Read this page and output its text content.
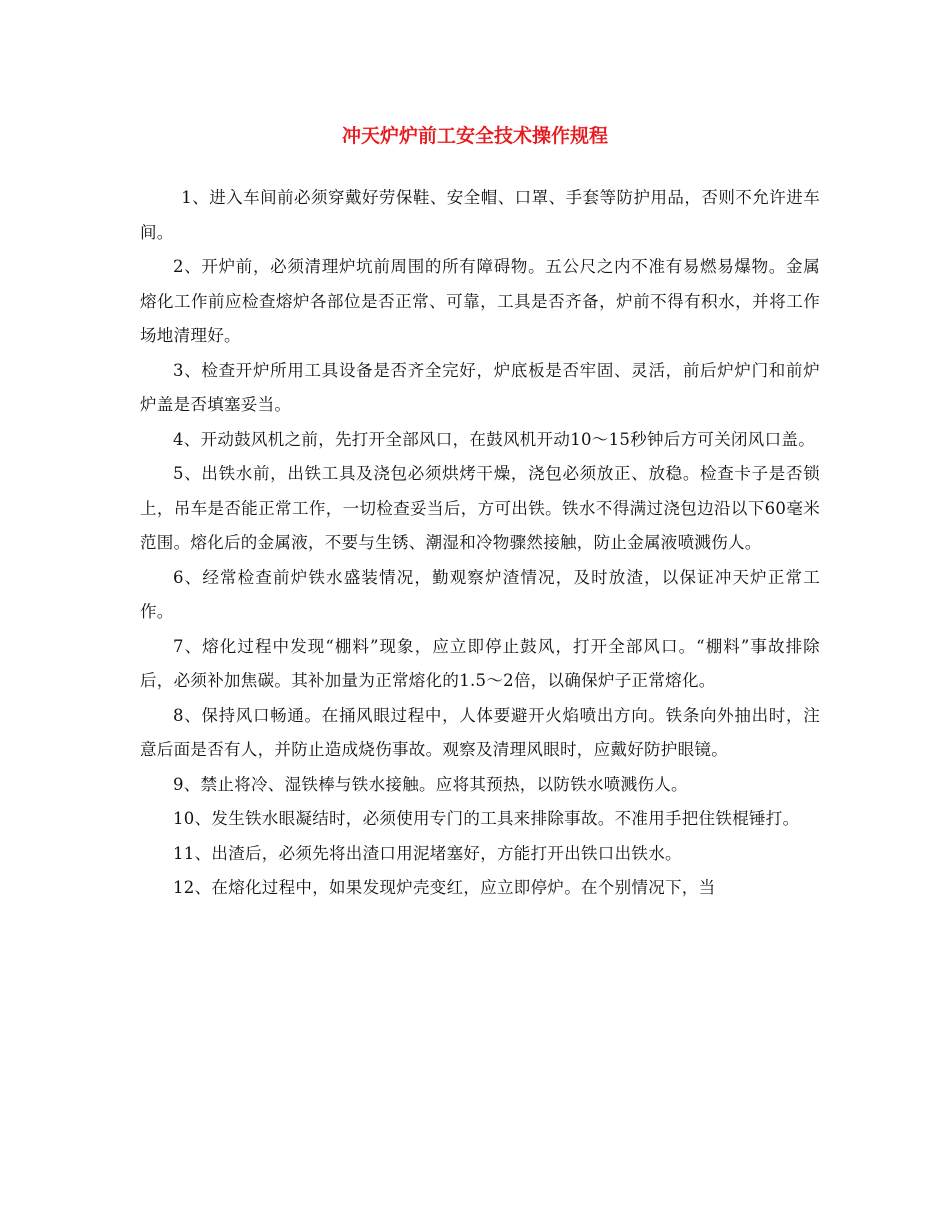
冲天炉炉前工安全技术操作规程

1、进入车间前必须穿戴好劳保鞋、安全帽、口罩、手套等防护用品，否则不允许进车间。

2、开炉前，必须清理炉坑前周围的所有障碍物。五公尺之内不准有易燃易爆物。金属熔化工作前应检查熔炉各部位是否正常、可靠，工具是否齐备，炉前不得有积水，并将工作场地清理好。

3、检查开炉所用工具设备是否齐全完好，炉底板是否牢固、灵活，前后炉炉门和前炉炉盖是否填塞妥当。

4、开动鼓风机之前，先打开全部风口，在鼓风机开动10～15秒钟后方可关闭风口盖。

5、出铁水前，出铁工具及浇包必须烘烤干燥，浇包必须放正、放稳。检查卡子是否锁上，吊车是否能正常工作，一切检查妥当后，方可出铁。铁水不得满过浇包边沿以下60毫米范围。熔化后的金属液，不要与生锈、潮湿和冷物骤然接触，防止金属液喷溅伤人。

6、经常检查前炉铁水盛装情况，勤观察炉渣情况，及时放渣，以保证冲天炉正常工作。

7、熔化过程中发现“棚料”现象，应立即停止鼓风，打开全部风口。“棚料”事故排除后，必须补加焦碳。其补加量为正常熔化的1.5～2倍，以确保炉子正常熔化。

8、保持风口畅通。在捅风眼过程中，人体要避开火焰喷出方向。铁条向外抽出时，注意后面是否有人，并防止造成烧伤事故。观察及清理风眼时，应戴好防护眼镜。

9、禁止将冷、湿铁棒与铁水接触。应将其预热，以防铁水喷溅伤人。

10、发生铁水眼凝结时，必须使用专门的工具来排除事故。不准用手把住铁棍锤打。

11、出渣后，必须先将出渣口用泥堵塞好，方能打开出铁口出铁水。

12、在熔化过程中，如果发现炉壳变红，应立即停炉。在个别情况下，当
